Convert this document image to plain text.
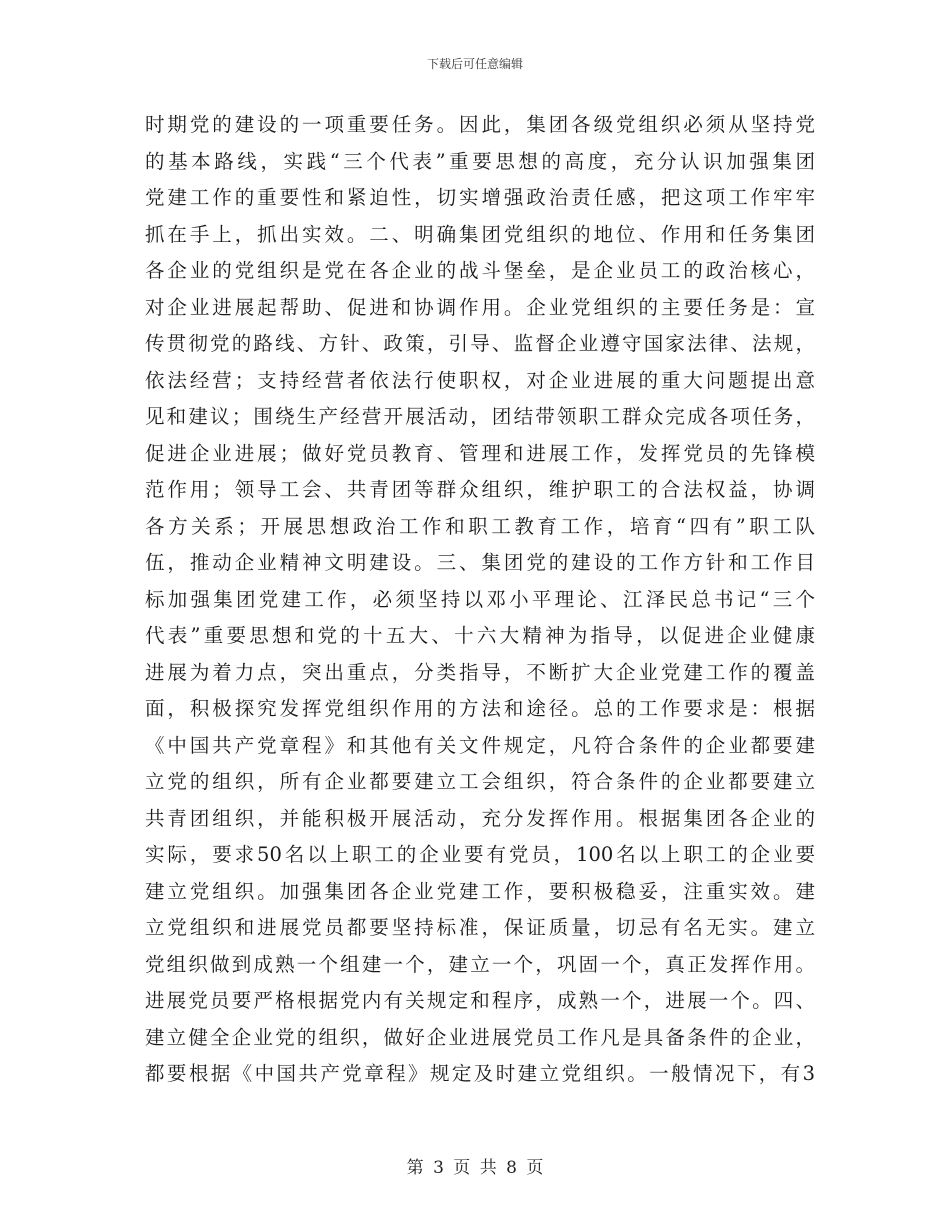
下载后可任意编辑
时期党的建设的一项重要任务。因此，集团各级党组织必须从坚持党
的基本路线，实践“三个代表”重要思想的高度，充分认识加强集团
党建工作的重要性和紧迫性，切实增强政治责任感，把这项工作牢牢
抓在手上，抓出实效。二、明确集团党组织的地位、作用和任务集团
各企业的党组织是党在各企业的战斗堡垒，是企业员工的政治核心，
对企业进展起帮助、促进和协调作用。企业党组织的主要任务是：宣
传贯彻党的路线、方针、政策，引导、监督企业遵守国家法律、法规，
依法经营；支持经营者依法行使职权，对企业进展的重大问题提出意
见和建议；围绕生产经营开展活动，团结带领职工群众完成各项任务，
促进企业进展；做好党员教育、管理和进展工作，发挥党员的先锋模
范作用；领导工会、共青团等群众组织，维护职工的合法权益，协调
各方关系；开展思想政治工作和职工教育工作，培育“四有”职工队
伍，推动企业精神文明建设。三、集团党的建设的工作方针和工作目
标加强集团党建工作，必须坚持以邓小平理论、江泽民总书记“三个
代表”重要思想和党的十五大、十六大精神为指导，以促进企业健康
进展为着力点，突出重点，分类指导，不断扩大企业党建工作的覆盖
面，积极探究发挥党组织作用的方法和途径。总的工作要求是：根据
《中国共产党章程》和其他有关文件规定，凡符合条件的企业都要建
立党的组织，所有企业都要建立工会组织，符合条件的企业都要建立
共青团组织，并能积极开展活动，充分发挥作用。根据集团各企业的
实际，要求50名以上职工的企业要有党员，100名以上职工的企业要
建立党组织。加强集团各企业党建工作，要积极稳妥，注重实效。建
立党组织和进展党员都要坚持标准，保证质量，切忌有名无实。建立
党组织做到成熟一个组建一个，建立一个，巩固一个，真正发挥作用。
进展党员要严格根据党内有关规定和程序，成熟一个，进展一个。四、
建立健全企业党的组织，做好企业进展党员工作凡是具备条件的企业，
都要根据《中国共产党章程》规定及时建立党组织。一般情况下，有3
第 3 页 共 8 页
